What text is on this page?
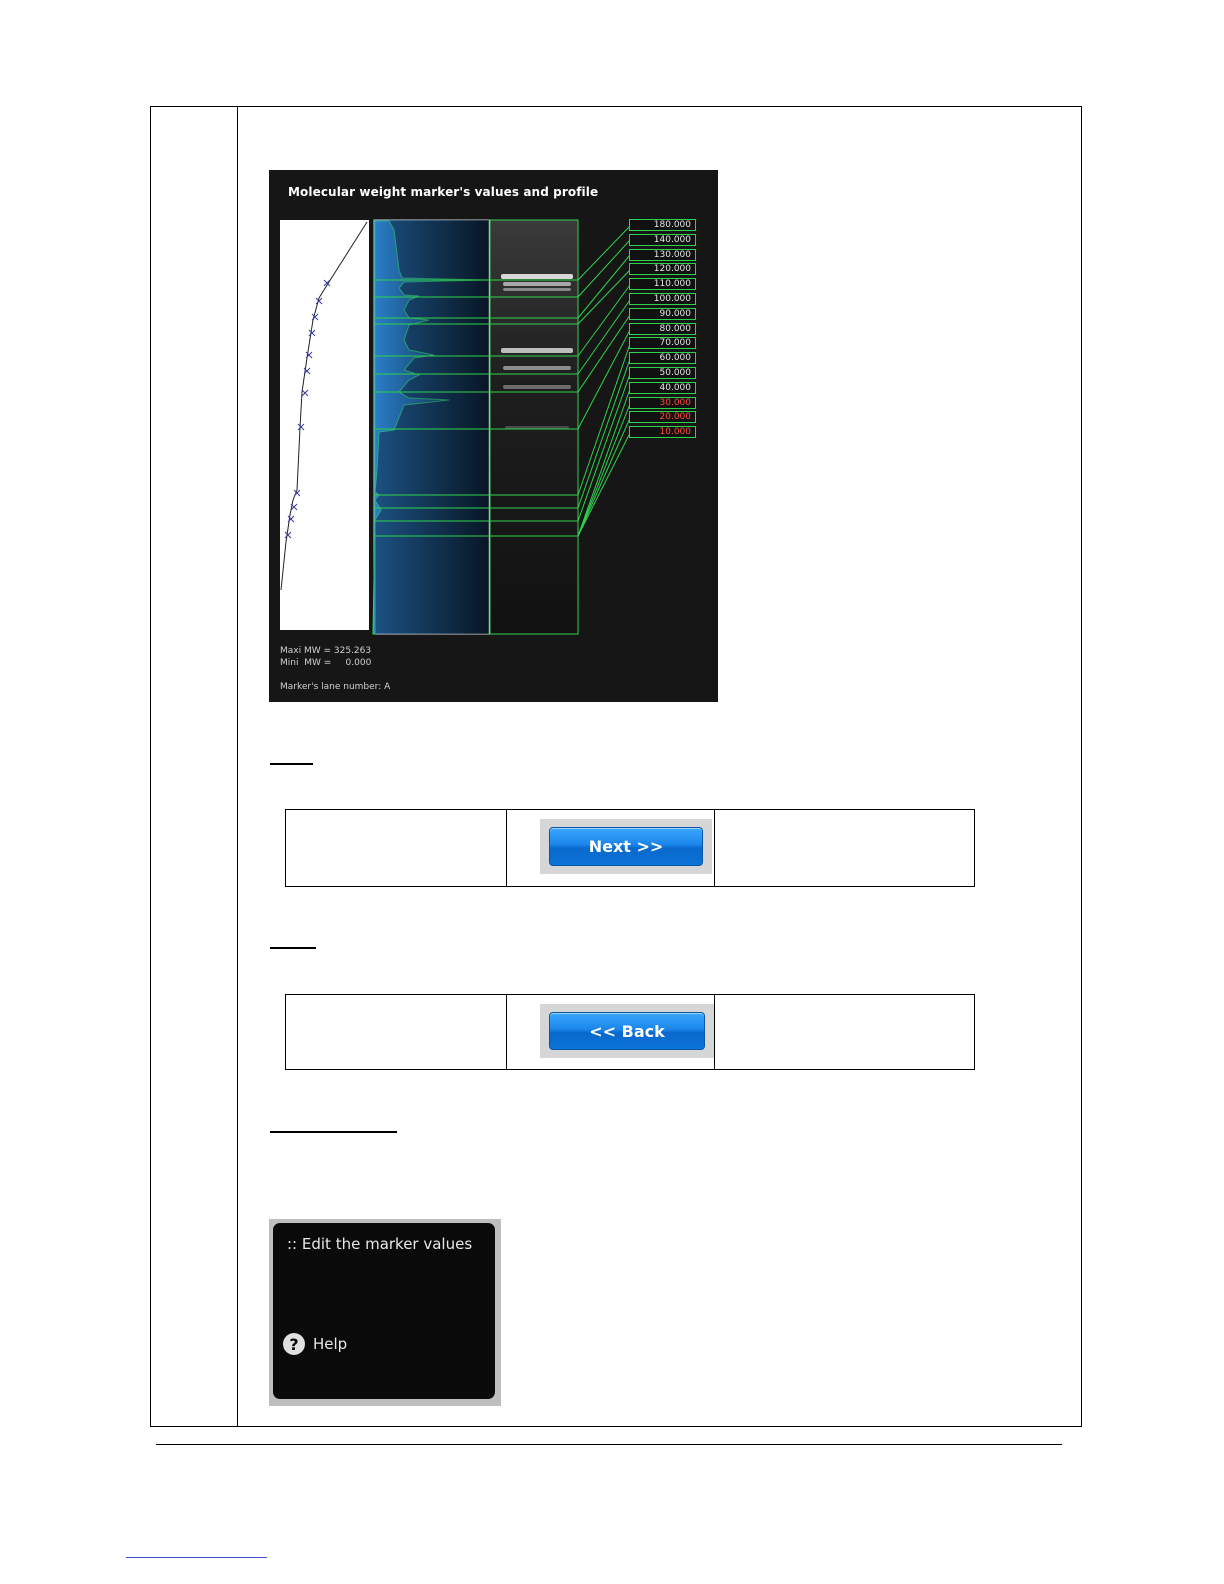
Molecular weight marker's values and profile
180.000
140.000
130.000
120.000
110.000
100.000
90.000
80.000
70.000
60.000
50.000
40.000
30.000
20.000
10.000
Maxi MW = 325.263
Mini  MW =     0.000
Marker's lane number: A
Next >>
<< Back
:: Edit the marker values
? Help
